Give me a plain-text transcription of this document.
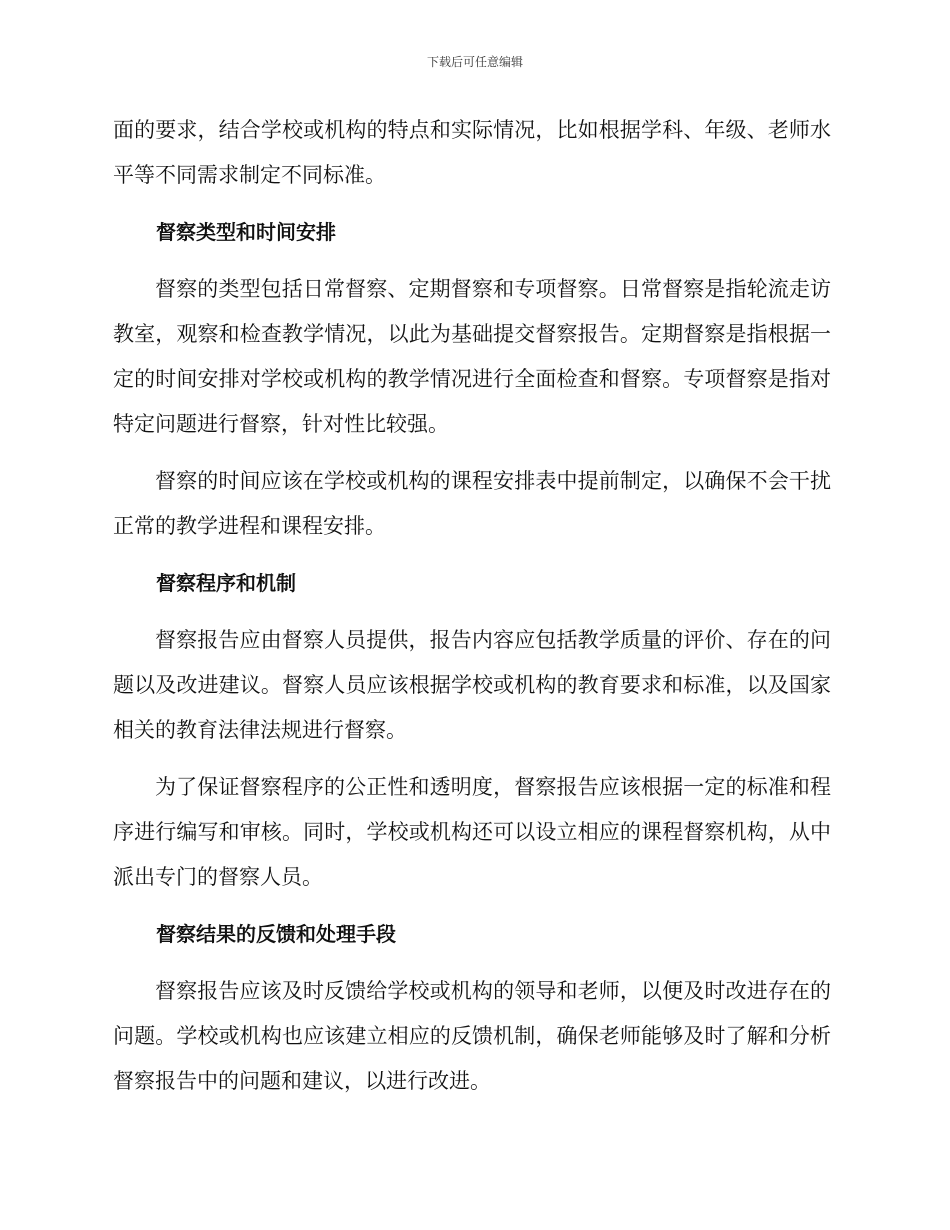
下载后可任意编辑

面的要求，结合学校或机构的特点和实际情况，比如根据学科、年级、老师水平等不同需求制定不同标准。

督察类型和时间安排

督察的类型包括日常督察、定期督察和专项督察。日常督察是指轮流走访教室，观察和检查教学情况，以此为基础提交督察报告。定期督察是指根据一定的时间安排对学校或机构的教学情况进行全面检查和督察。专项督察是指对特定问题进行督察，针对性比较强。

督察的时间应该在学校或机构的课程安排表中提前制定，以确保不会干扰正常的教学进程和课程安排。

督察程序和机制

督察报告应由督察人员提供，报告内容应包括教学质量的评价、存在的问题以及改进建议。督察人员应该根据学校或机构的教育要求和标准，以及国家相关的教育法律法规进行督察。

为了保证督察程序的公正性和透明度，督察报告应该根据一定的标准和程序进行编写和审核。同时，学校或机构还可以设立相应的课程督察机构，从中派出专门的督察人员。

督察结果的反馈和处理手段

督察报告应该及时反馈给学校或机构的领导和老师，以便及时改进存在的问题。学校或机构也应该建立相应的反馈机制，确保老师能够及时了解和分析督察报告中的问题和建议，以进行改进。
